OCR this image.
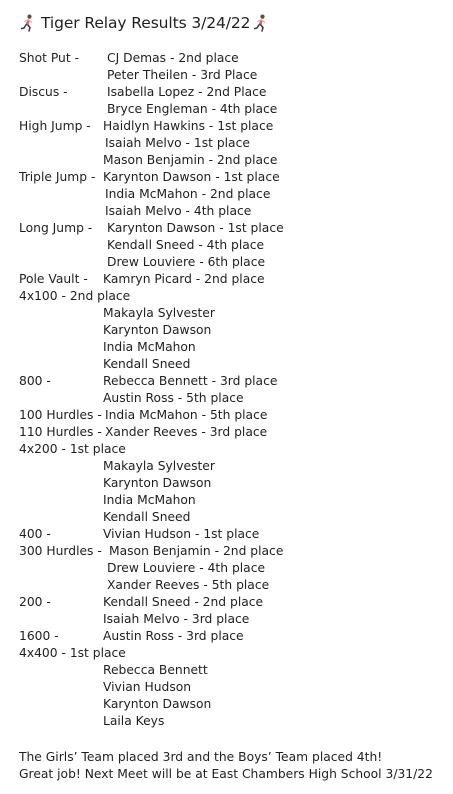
Tiger Relay Results 3/24/22
Shot Put - CJ Demas - 2nd place
Peter Theilen - 3rd Place
Discus -	Isabella Lopez - 2nd Place
Bryce Engleman - 4th place
High Jump - Haidlyn Hawkins - 1st place
Isaiah Melvo - 1st place
Mason Benjamin - 2nd place
Triple Jump - Karynton Dawson - 1st place
India McMahon - 2nd place
Isaiah Melvo - 4th place
Long Jump - Karynton Dawson - 1st place
Kendall Sneed - 4th place
Drew Louviere - 6th place
Pole Vault - Kamryn Picard - 2nd place
4x100 - 2nd place
Makayla Sylvester
Karynton Dawson
India McMahon
Kendall Sneed
800 -	Rebecca Bennett - 3rd place
Austin Ross - 5th place
100 Hurdles - India McMahon - 5th place
110 Hurdles - Xander Reeves - 3rd place
4x200 - 1st place
Makayla Sylvester
Karynton Dawson
India McMahon
Kendall Sneed
400 -	Vivian Hudson - 1st place
300 Hurdles - Mason Benjamin - 2nd place
Drew Louviere - 4th place
Xander Reeves - 5th place
200 -	Kendall Sneed - 2nd place
Isaiah Melvo - 3rd place
1600 -	Austin Ross - 3rd place
4x400 - 1st place
Rebecca Bennett
Vivian Hudson
Karynton Dawson
Laila Keys
The Girls’ Team placed 3rd and the Boys’ Team placed 4th!
Great job! Next Meet will be at East Chambers High School 3/31/22
